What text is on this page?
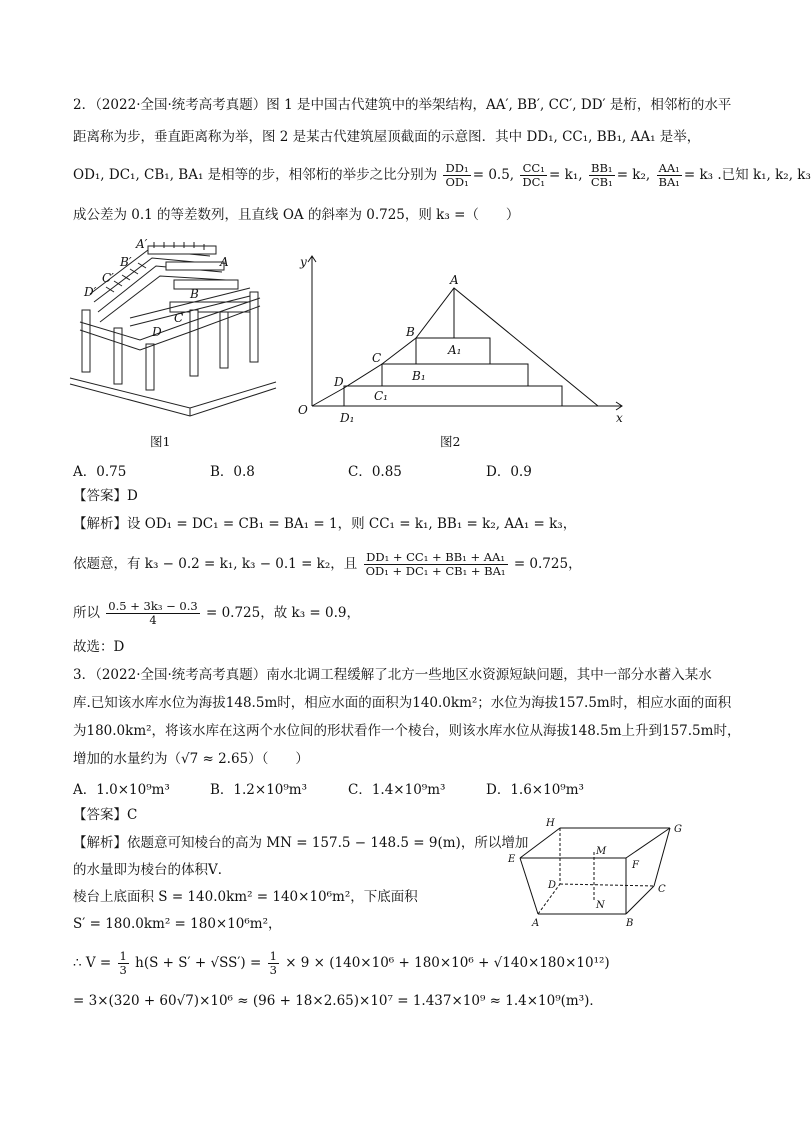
2．（2022·全国·统考高考真题）图 1 是中国古代建筑中的举架结构，AA′, BB′, CC′, DD′ 是桁，相邻桁的水平
距离称为步，垂直距离称为举，图 2 是某古代建筑屋顶截面的示意图．其中 DD₁, CC₁, BB₁, AA₁ 是举，
OD₁, DC₁, CB₁, BA₁ 是相等的步，相邻桁的举步之比分别为 $\frac{\text{DD₁}}{\text{OD₁}} = 0.5$, $\frac{\text{CC₁}}{\text{DC₁}} = k_1$, $\frac{\text{BB₁}}{\text{CB₁}} = k_2$, $\frac{\text{AA₁}}{\text{BA₁}} = k_3$ .已知 k₁, k₂, k₃
成公差为 0.1 的等差数列，且直线 OA 的斜率为 0.725，则 k₃ =（　　）
A′
B′
C′
D′
A
B
C
D
图1
y
x
O
A
B
C
D
A₁
B₁
C₁
D₁
图2
A．0.75	B．0.8	C．0.85	D．0.9
【答案】D
【解析】设 OD₁ = DC₁ = CB₁ = BA₁ = 1，则 CC₁ = k₁, BB₁ = k₂, AA₁ = k₃，
依题意，有 k₃ − 0.2 = k₁, k₃ − 0.1 = k₂，且 $\frac{\text{DD₁ + CC₁ + BB₁ + AA₁}}{\text{OD₁ + DC₁ + CB₁ + BA₁}} = 0.725$，
所以 $\frac{\text{0.5 + 3k₃ − 0.3}}{4} = 0.725$，故 k₃ = 0.9，
故选：D
3．（2022·全国·统考高考真题）南水北调工程缓解了北方一些地区水资源短缺问题，其中一部分水蓄入某水
库.已知该水库水位为海拔148.5m时，相应水面的面积为140.0km²；水位为海拔157.5m时，相应水面的面积
为180.0km²，将该水库在这两个水位间的形状看作一个棱台，则该水库水位从海拔148.5m上升到157.5m时，
增加的水量约为（√7 ≈ 2.65）（　　）
A．1.0×10⁹m³	B．1.2×10⁹m³	C．1.4×10⁹m³	D．1.6×10⁹m³
【答案】C
【解析】依题意可知棱台的高为 MN = 157.5 − 148.5 = 9(m)，所以增加
的水量即为棱台的体积V．
棱台上底面积 S = 140.0km² = 140×10⁶m²，下底面积
S′ = 180.0km² = 180×10⁶m²，
∴ $V = \frac{1}{3} h(S + S' + √SS') = \frac{1}{3} \times 9 \times (140\times 10^6 + 180\times 10^6 + √140\times 180\times 10^{12})$
= 3×(320 + 60√7)×10⁶ ≈ (96 + 18×2.65)×10⁷ = 1.437×10⁹ ≈ 1.4×10⁹(m³)．
H
G
E
F
M
D	C
N
A	B
